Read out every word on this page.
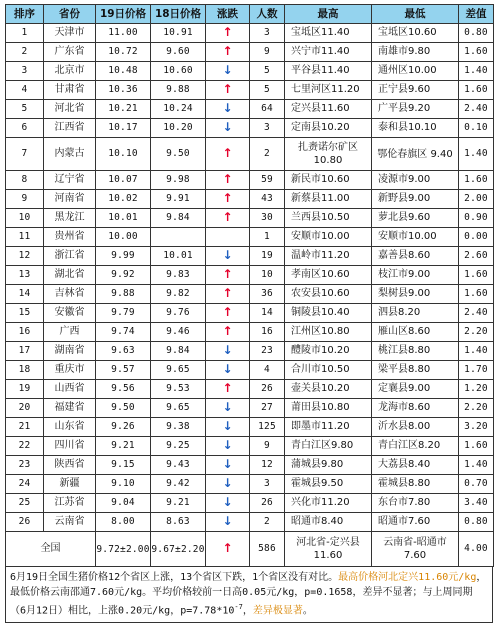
排序	省份	19日价格	18日价格	涨跌	人数	最高	最低	差值
1	天津市	11.00	10.91	↑	3	宝坻区11.40	宝坻区10.60	0.80
2	广东省	10.72	9.60	↑	9	兴宁市11.40	南雄市9.80	1.60
3	北京市	10.48	10.60	↓	5	平谷县11.40	通州区10.00	1.40
4	甘肃省	10.36	9.88	↑	5	七里河区11.20	正宁县9.60	1.60
5	河北省	10.21	10.24	↓	64	定兴县11.60	广平县9.20	2.40
6	江西省	10.17	10.20	↓	3	定南县10.20	泰和县10.10	0.10
7	内蒙古	10.10	9.50	↑	2	扎赉诺尔矿区 10.80	鄂伦春旗区 9.40	1.40
8	辽宁省	10.07	9.98	↑	59	新民市10.60	凌源市9.00	1.60
9	河南省	10.02	9.91	↑	43	新蔡县11.00	新野县9.00	2.00
10	黑龙江	10.01	9.84	↑	30	兰西县10.50	萝北县9.60	0.90
11	贵州省	10.00			1	安顺市10.00	安顺市10.00	0.00
12	浙江省	9.99	10.01	↓	19	温岭市11.20	嘉善县8.60	2.60
13	湖北省	9.92	9.83	↑	10	孝南区10.60	枝江市9.00	1.60
14	吉林省	9.88	9.82	↑	36	农安县10.60	梨树县9.00	1.60
15	安徽省	9.79	9.76	↑	14	铜陵县10.40	泗县8.20	2.40
16	广西	9.74	9.46	↑	16	江州区10.80	雁山区8.60	2.20
17	湖南省	9.63	9.84	↓	23	醴陵市10.20	桃江县8.80	1.40
18	重庆市	9.57	9.65	↓	4	合川市10.50	梁平县8.80	1.70
19	山西省	9.56	9.53	↑	26	壶关县10.20	定襄县9.00	1.20
20	福建省	9.50	9.65	↓	27	莆田县10.80	龙海市8.60	2.20
21	山东省	9.26	9.38	↓	125	即墨市11.20	沂水县8.00	3.20
22	四川省	9.21	9.25	↓	9	青白江区9.80	青白江区8.20	1.60
23	陕西省	9.15	9.43	↓	12	蒲城县9.80	大荔县8.40	1.40
24	新疆	9.10	9.42	↓	3	霍城县9.50	霍城县8.80	0.70
25	江苏省	9.04	9.21	↓	26	兴化市11.20	东台市7.80	3.40
26	云南省	8.00	8.63	↓	2	昭通市8.40	昭通市7.60	0.80
全国		9.72±2.00	9.67±2.20	↑	586	河北省-定兴县 11.60	云南省-昭通市 7.60	4.00
6月19日全国生猪价格12个省区上涨，13个省区下跌，1个省区没有对比。最高价格河北定兴11.60元/kg，最低价格云南邵通7.60元/kg。平均价格较前一日高0.05元/kg，p=0.1658，差异不显著；与上周同期（6月12日）相比，上涨0.20元/kg，$p=7.78*10^{-7}$，差异极显著。
